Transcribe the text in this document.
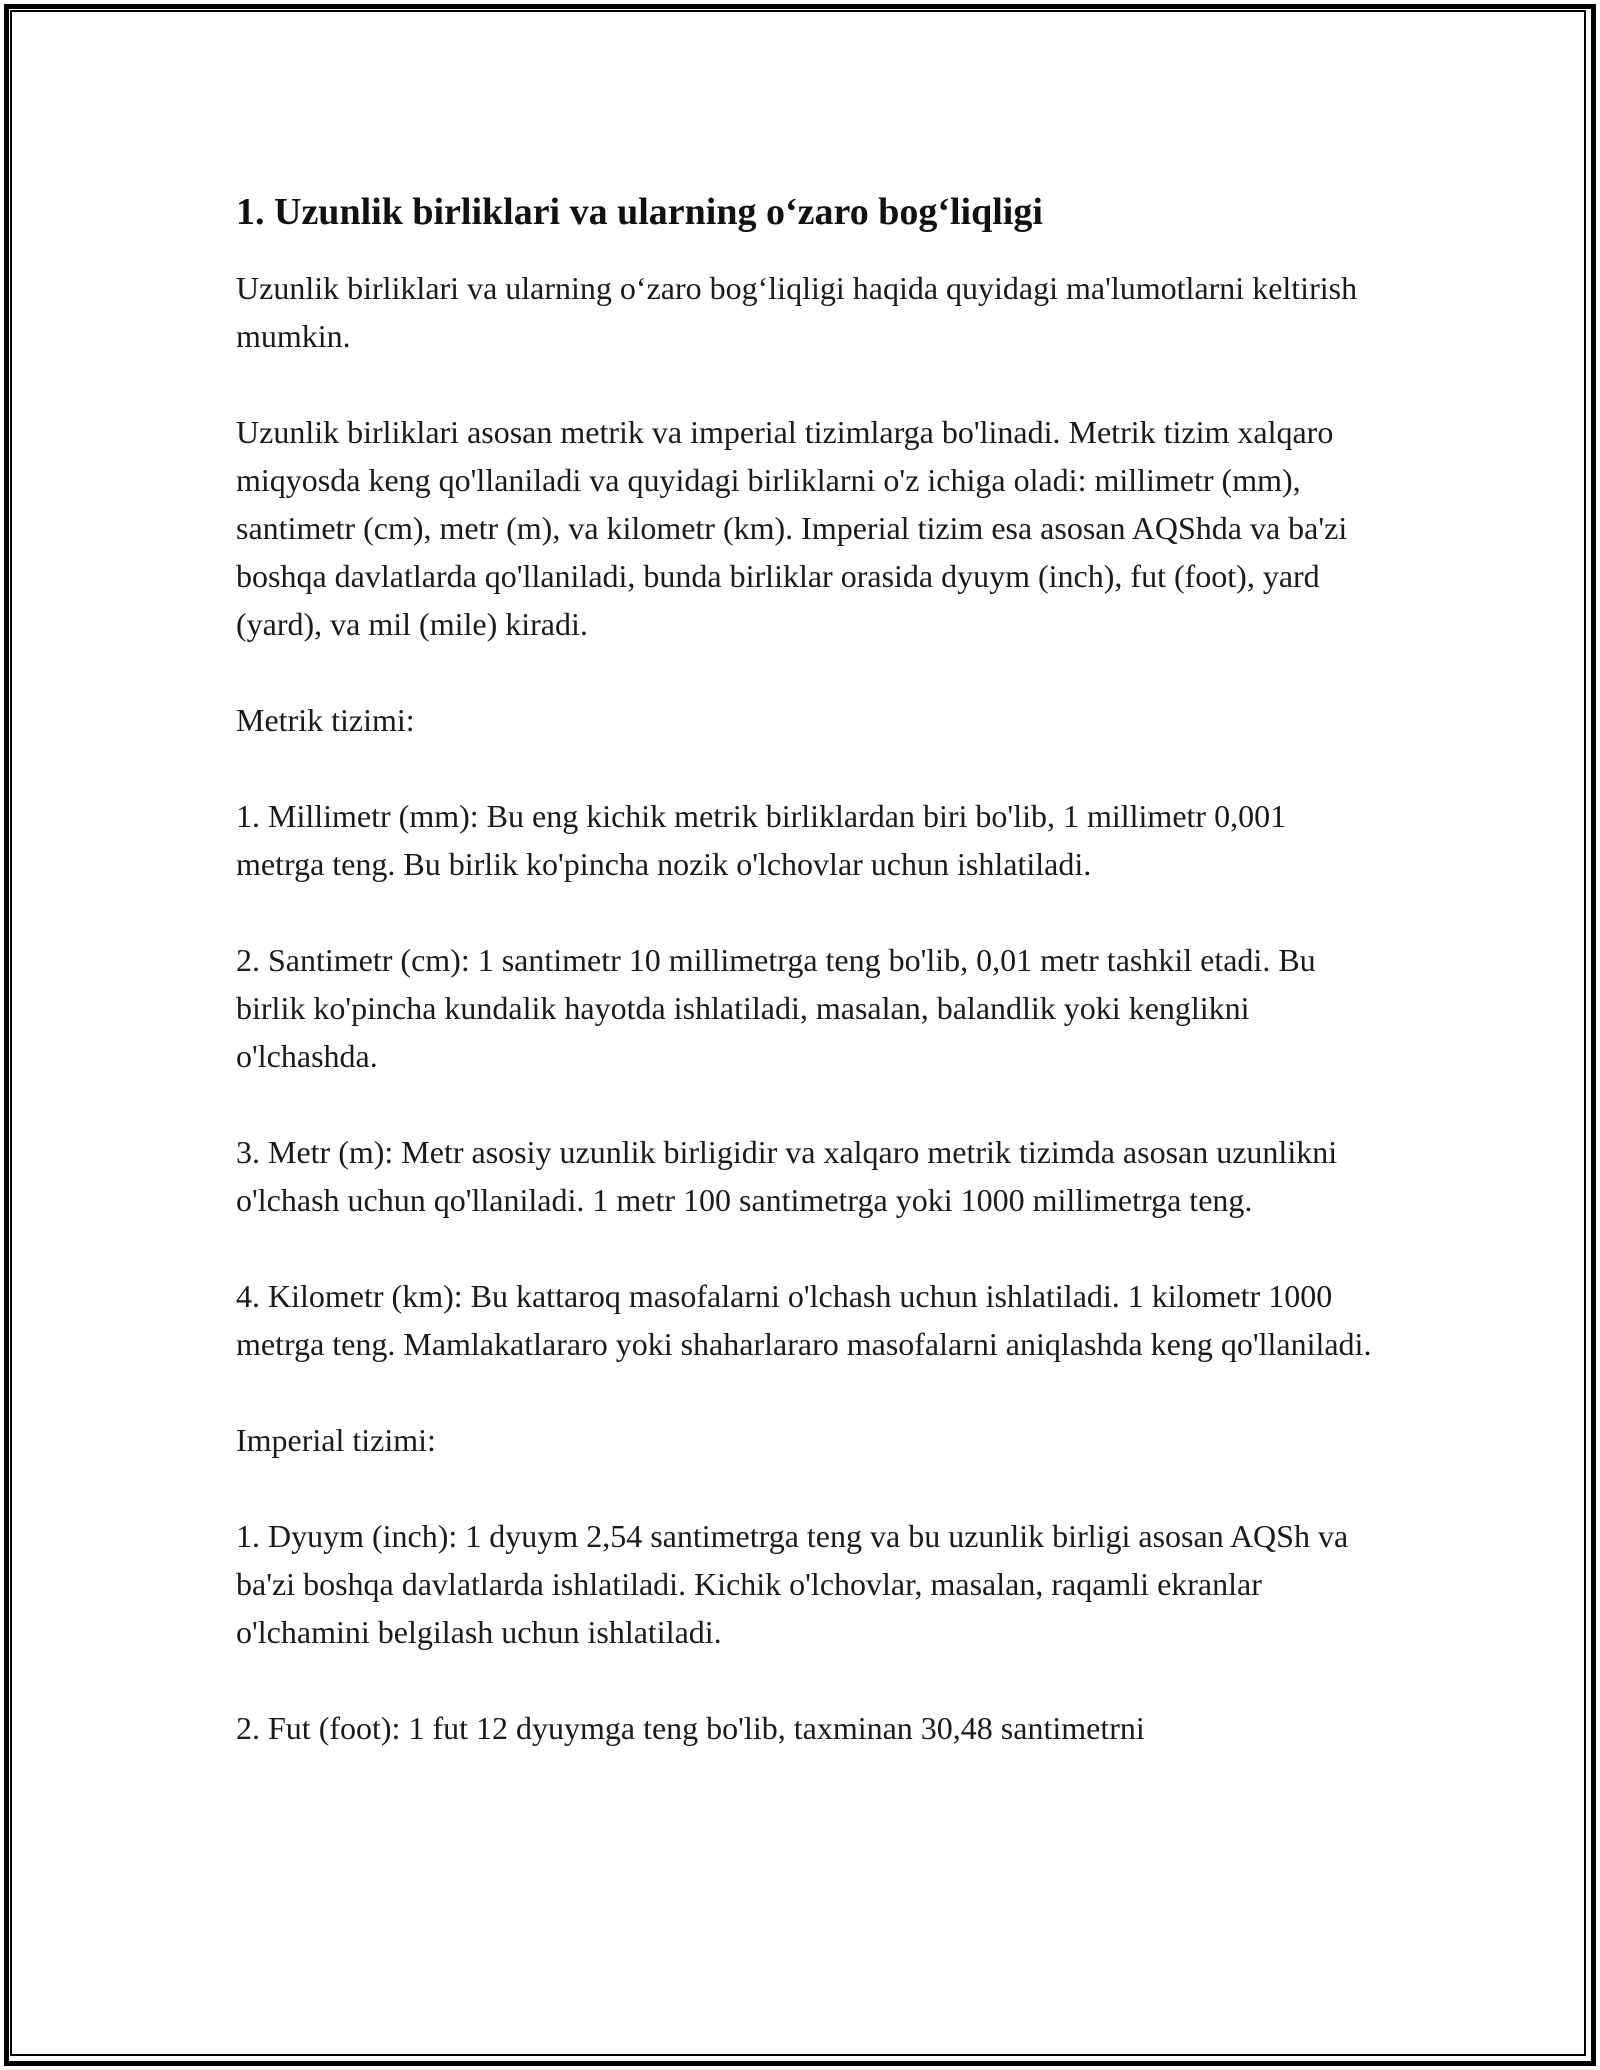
1. Uzunlik birliklari va ularning o‘zaro bog‘liqligi

Uzunlik birliklari va ularning o‘zaro bog‘liqligi haqida quyidagi ma'lumotlarni keltirish mumkin.

Uzunlik birliklari asosan metrik va imperial tizimlarga bo'linadi. Metrik tizim xalqaro miqyosda keng qo'llaniladi va quyidagi birliklarni o'z ichiga oladi: millimetr (mm), santimetr (cm), metr (m), va kilometr (km). Imperial tizim esa asosan AQShda va ba'zi boshqa davlatlarda qo'llaniladi, bunda birliklar orasida dyuym (inch), fut (foot), yard (yard), va mil (mile) kiradi.

Metrik tizimi:

1. Millimetr (mm): Bu eng kichik metrik birliklardan biri bo'lib, 1 millimetr 0,001 metrga teng. Bu birlik ko'pincha nozik o'lchovlar uchun ishlatiladi.

2. Santimetr (cm): 1 santimetr 10 millimetrga teng bo'lib, 0,01 metr tashkil etadi. Bu birlik ko'pincha kundalik hayotda ishlatiladi, masalan, balandlik yoki kenglikni o'lchashda.

3. Metr (m): Metr asosiy uzunlik birligidir va xalqaro metrik tizimda asosan uzunlikni o'lchash uchun qo'llaniladi. 1 metr 100 santimetrga yoki 1000 millimetrga teng.

4. Kilometr (km): Bu kattaroq masofalarni o'lchash uchun ishlatiladi. 1 kilometr 1000 metrga teng. Mamlakatlararo yoki shaharlararo masofalarni aniqlashda keng qo'llaniladi.

Imperial tizimi:

1. Dyuym (inch): 1 dyuym 2,54 santimetrga teng va bu uzunlik birligi asosan AQSh va ba'zi boshqa davlatlarda ishlatiladi. Kichik o'lchovlar, masalan, raqamli ekranlar o'lchamini belgilash uchun ishlatiladi.

2. Fut (foot): 1 fut 12 dyuymga teng bo'lib, taxminan 30,48 santimetrni
